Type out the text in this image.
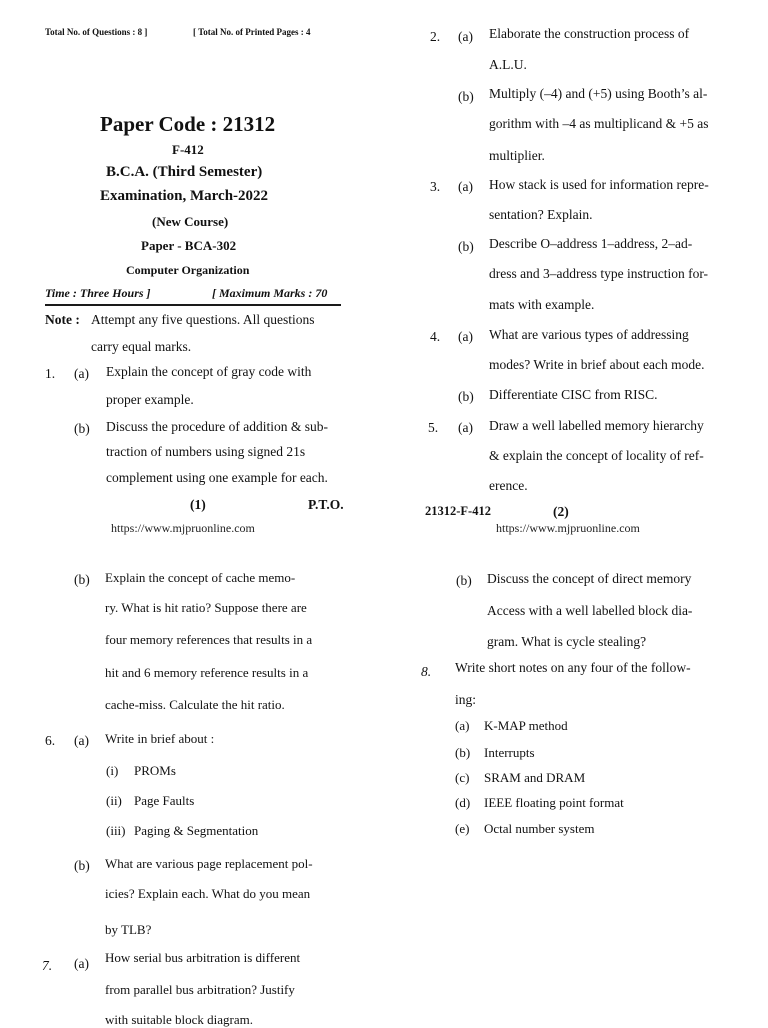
Total No. of Questions : 8 ]	[ Total No. of Printed Pages : 4
Paper Code : 21312
F-412
B.C.A. (Third Semester)
Examination, March-2022
(New Course)
Paper - BCA-302
Computer Organization
Time : Three Hours ]	[ Maximum Marks : 70
Note : Attempt any five questions. All questions
carry equal marks.
1. (a) Explain the concept of gray code with
proper example.
(b) Discuss the procedure of addition & sub-
traction of numbers using signed 21s
complement using one example for each.
(1)	P.T.O.
https://www.mjpruonline.com
2. (a) Elaborate the construction process of
A.L.U.
(b) Multiply (–4) and (+5) using Booth’s al-
gorithm with –4 as multiplicand & +5 as
multiplier.
3. (a) How stack is used for information repre-
sentation? Explain.
(b) Describe O–address 1–address, 2–ad-
dress and 3–address type instruction for-
mats with example.
4. (a) What are various types of addressing
modes? Write in brief about each mode.
(b) Differentiate CISC from RISC.
5. (a) Draw a well labelled memory hierarchy
& explain the concept of locality of ref-
erence.
21312-F-412	(2)
https://www.mjpruonline.com
(b) Explain the concept of cache memo-
ry. What is hit ratio? Suppose there are
four memory references that results in a
hit and 6 memory reference results in a
cache-miss. Calculate the hit ratio.
6. (a) Write in brief about :
(i) PROMs
(ii) Page Faults
(iii) Paging & Segmentation
(b) What are various page replacement pol-
icies? Explain each. What do you mean
by TLB?
7. (a) How serial bus arbitration is different
from parallel bus arbitration? Justify
with suitable block diagram.
(b) Discuss the concept of direct memory
Access with a well labelled block dia-
gram. What is cycle stealing?
8. Write short notes on any four of the follow-
ing:
(a) K-MAP method
(b) Interrupts
(c) SRAM and DRAM
(d) IEEE floating point format
(e) Octal number system
